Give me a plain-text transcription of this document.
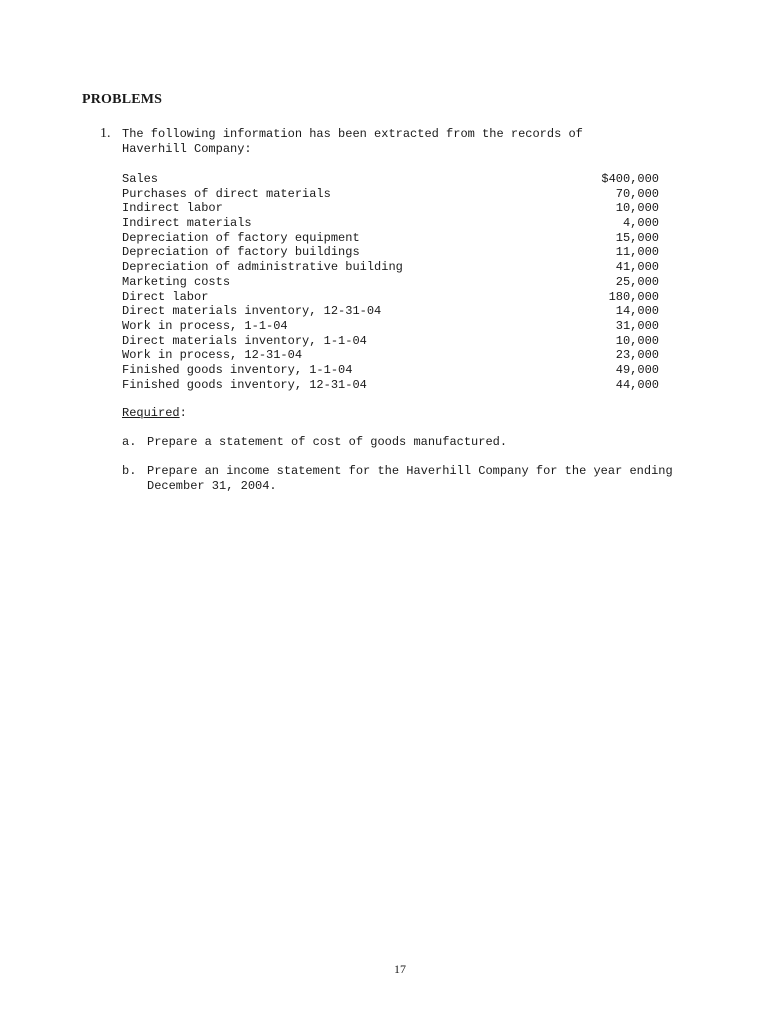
PROBLEMS
1. The following information has been extracted from the records of
Haverhill Company:
Sales	$400,000
Purchases of direct materials	70,000
Indirect labor	10,000
Indirect materials	4,000
Depreciation of factory equipment	15,000
Depreciation of factory buildings	11,000
Depreciation of administrative building	41,000
Marketing costs	25,000
Direct labor	180,000
Direct materials inventory, 12-31-04	14,000
Work in process, 1-1-04	31,000
Direct materials inventory, 1-1-04	10,000
Work in process, 12-31-04	23,000
Finished goods inventory, 1-1-04	49,000
Finished goods inventory, 12-31-04	44,000
Required:
a. Prepare a statement of cost of goods manufactured.
b. Prepare an income statement for the Haverhill Company for the year ending
December 31, 2004.
17
